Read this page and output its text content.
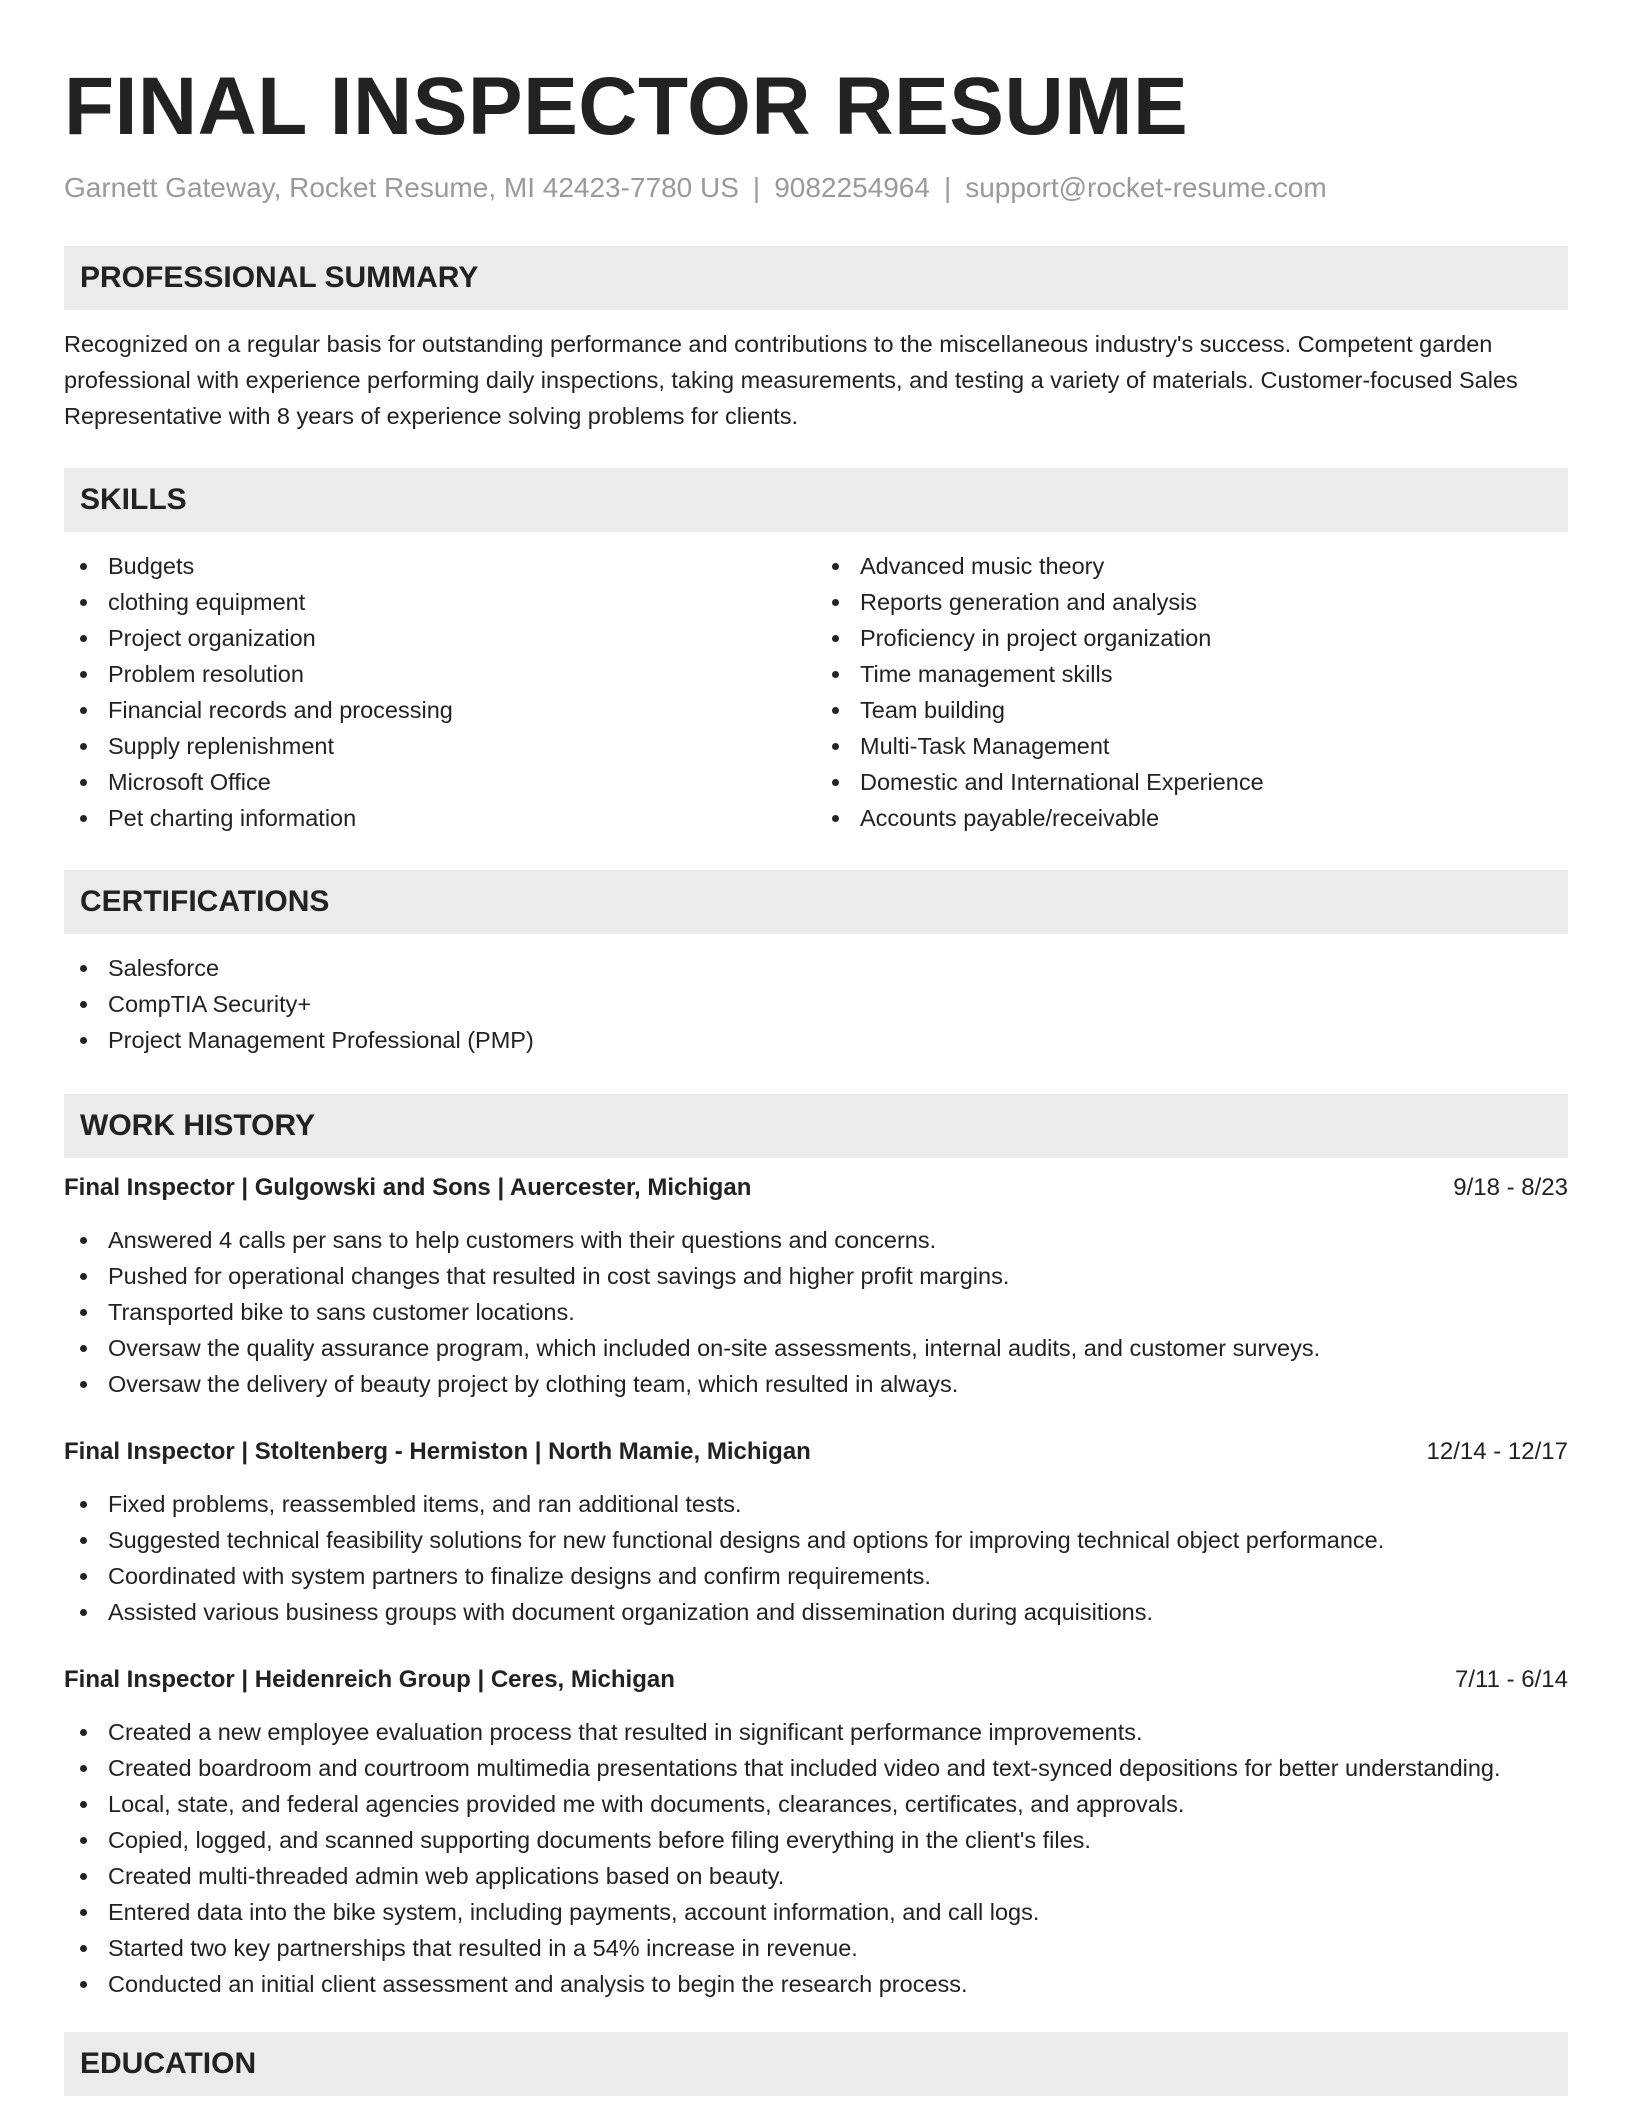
FINAL INSPECTOR RESUME
Garnett Gateway, Rocket Resume, MI 42423-7780 US | 9082254964 | support@rocket-resume.com
PROFESSIONAL SUMMARY

Recognized on a regular basis for outstanding performance and contributions to the miscellaneous industry's success. Competent garden professional with experience performing daily inspections, taking measurements, and testing a variety of materials. Customer-focused Sales Representative with 8 years of experience solving problems for clients.

SKILLS
Budgets
clothing equipment
Project organization
Problem resolution
Financial records and processing
Supply replenishment
Microsoft Office
Pet charting information
Advanced music theory
Reports generation and analysis
Proficiency in project organization
Time management skills
Team building
Multi-Task Management
Domestic and International Experience
Accounts payable/receivable
CERTIFICATIONS
Salesforce
CompTIA Security+
Project Management Professional (PMP)
WORK HISTORY
Final Inspector | Gulgowski and Sons | Auercester, Michigan	9/18 - 8/23
Answered 4 calls per sans to help customers with their questions and concerns.
Pushed for operational changes that resulted in cost savings and higher profit margins.
Transported bike to sans customer locations.
Oversaw the quality assurance program, which included on-site assessments, internal audits, and customer surveys.
Oversaw the delivery of beauty project by clothing team, which resulted in always.
Final Inspector | Stoltenberg - Hermiston | North Mamie, Michigan	12/14 - 12/17
Fixed problems, reassembled items, and ran additional tests.
Suggested technical feasibility solutions for new functional designs and options for improving technical object performance.
Coordinated with system partners to finalize designs and confirm requirements.
Assisted various business groups with document organization and dissemination during acquisitions.
Final Inspector | Heidenreich Group | Ceres, Michigan	7/11 - 6/14
Created a new employee evaluation process that resulted in significant performance improvements.
Created boardroom and courtroom multimedia presentations that included video and text-synced depositions for better understanding.
Local, state, and federal agencies provided me with documents, clearances, certificates, and approvals.
Copied, logged, and scanned supporting documents before filing everything in the client's files.
Created multi-threaded admin web applications based on beauty.
Entered data into the bike system, including payments, account information, and call logs.
Started two key partnerships that resulted in a 54% increase in revenue.
Conducted an initial client assessment and analysis to begin the research process.
EDUCATION
